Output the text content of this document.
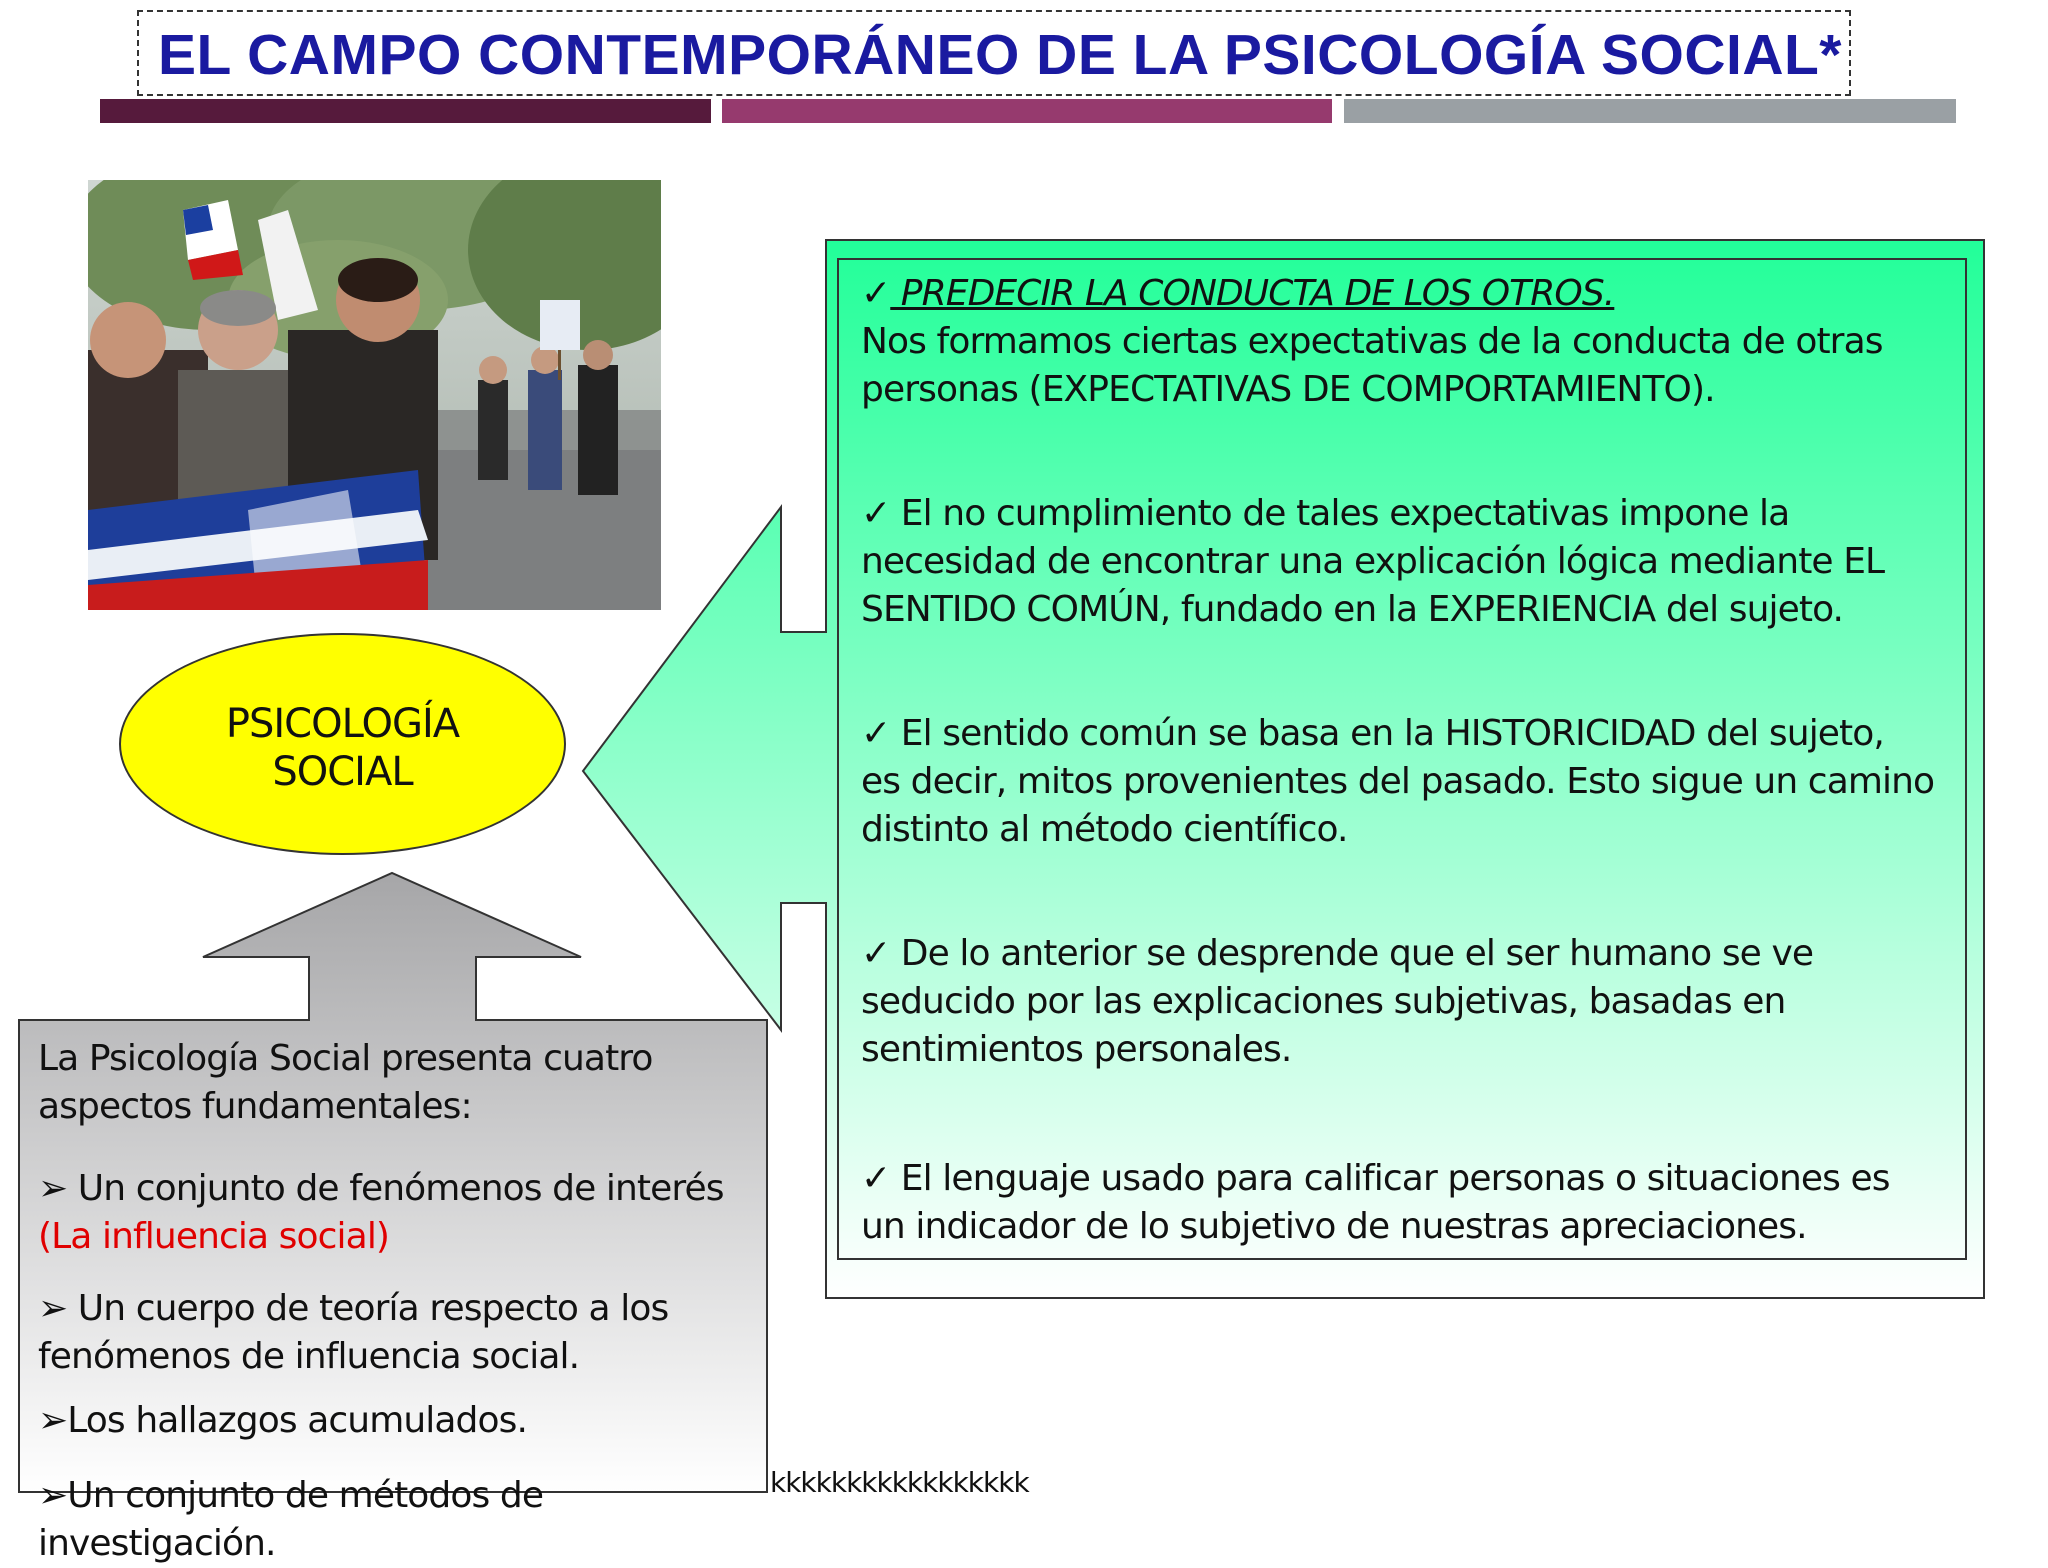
EL CAMPO CONTEMPORÁNEO DE LA PSICOLOGÍA SOCIAL*
PSICOLOGÍA
SOCIAL
✓ PREDECIR LA CONDUCTA DE LOS OTROS.
Nos formamos ciertas expectativas de la conducta de otras
personas (EXPECTATIVAS DE COMPORTAMIENTO).
✓ El no cumplimiento de tales expectativas impone la
necesidad de encontrar una explicación lógica mediante EL
SENTIDO COMÚN, fundado en la EXPERIENCIA del sujeto.
✓ El sentido común se basa en la HISTORICIDAD del sujeto,
es decir, mitos provenientes del pasado. Esto sigue un camino
distinto al método científico.
✓ De lo anterior se desprende que el ser humano se ve
seducido por las explicaciones subjetivas, basadas en
sentimientos personales.
✓ El lenguaje usado para calificar personas o situaciones es
un indicador de lo subjetivo de nuestras apreciaciones.
La Psicología Social presenta cuatro
aspectos fundamentales:
➢ Un conjunto de fenómenos de interés
(La influencia social)
➢ Un cuerpo de teoría respecto a los
fenómenos de influencia social.
➢Los hallazgos acumulados.
➢Un conjunto de métodos de
investigación.
kkkkkkkkkkkkkkkkk
